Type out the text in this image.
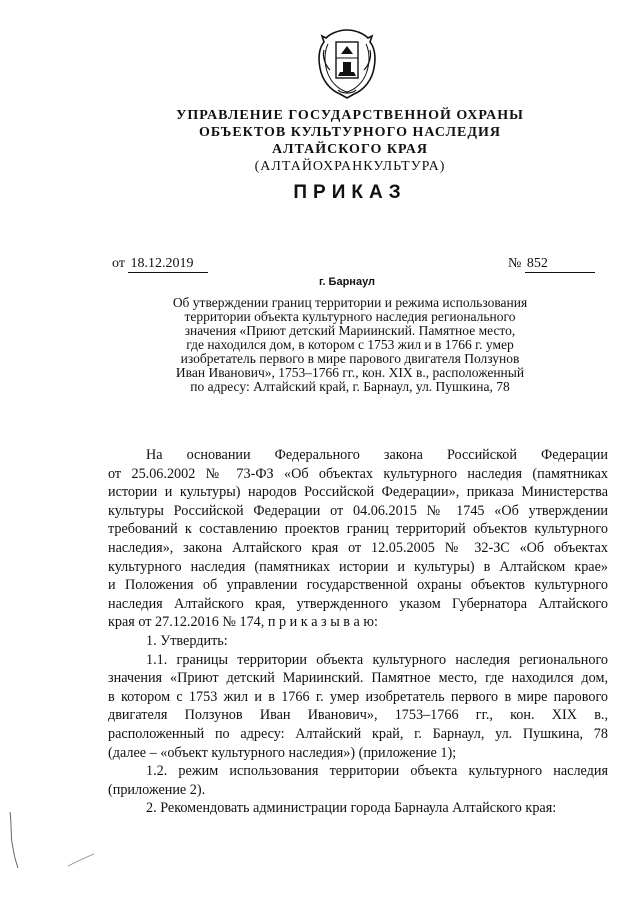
УПРАВЛЕНИЕ ГОСУДАРСТВЕННОЙ ОХРАНЫ
ОБЪЕКТОВ КУЛЬТУРНОГО НАСЛЕДИЯ
АЛТАЙСКОГО КРАЯ
(АЛТАЙОХРАНКУЛЬТУРА)
ПРИКАЗ
от 18.12.2019	№ 852
г. Барнаул
Об утверждении границ территории и режима использования
территории объекта культурного наследия регионального
значения «Приют детский Мариинский. Памятное место,
где находился дом, в котором с 1753 жил и в 1766 г. умер
изобретатель первого в мире парового двигателя Ползунов
Иван Иванович», 1753–1766 гг., кон. XIX в., расположенный
по адресу: Алтайский край, г. Барнаул, ул. Пушкина, 78
На основании Федерального закона Российской Федерации
от 25.06.2002 № 73-ФЗ «Об объектах культурного наследия (памятниках
истории и культуры) народов Российской Федерации», приказа Министерства
культуры Российской Федерации от 04.06.2015 № 1745 «Об утверждении
требований к составлению проектов границ территорий объектов культурного
наследия», закона Алтайского края от 12.05.2005 № 32-ЗС «Об объектах
культурного наследия (памятниках истории и культуры) в Алтайском крае»
и Положения об управлении государственной охраны объектов культурного
наследия Алтайского края, утвержденного указом Губернатора Алтайского
края от 27.12.2016 № 174, п р и к а з ы в а ю:
1. Утвердить:
1.1. границы территории объекта культурного наследия регионального
значения «Приют детский Мариинский. Памятное место, где находился дом,
в котором с 1753 жил и в 1766 г. умер изобретатель первого в мире парового
двигателя Ползунов Иван Иванович», 1753–1766 гг., кон. XIX в.,
расположенный по адресу: Алтайский край, г. Барнаул, ул. Пушкина, 78
(далее – «объект культурного наследия») (приложение 1);
1.2. режим использования территории объекта культурного наследия
(приложение 2).
2. Рекомендовать администрации города Барнаула Алтайского края:
